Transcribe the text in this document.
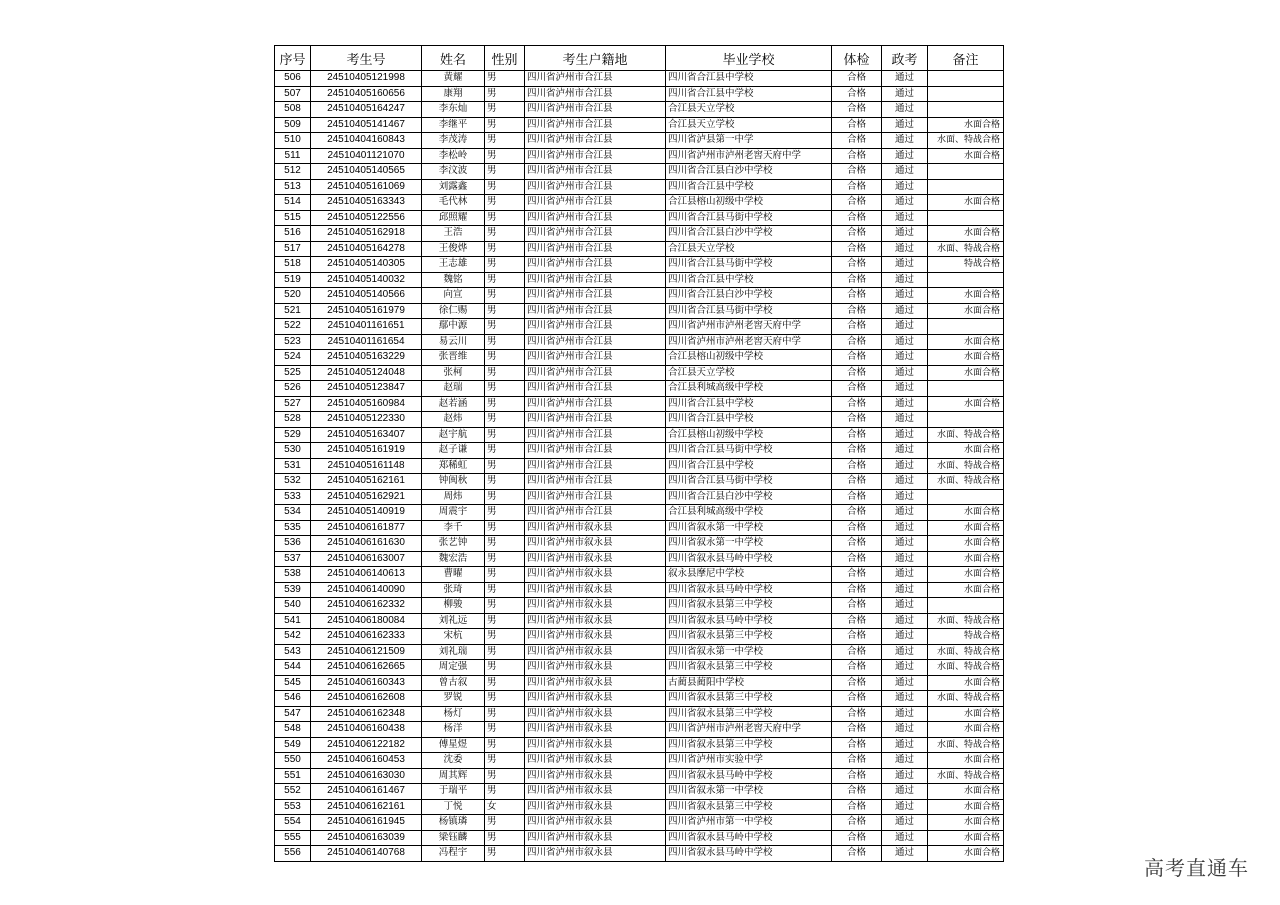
序号	考生号	姓名	性别	考生户籍地	毕业学校	体检	政考	备注
506	24510405121998	黄耀	男	四川省泸州市合江县	四川省合江县中学校	合格	通过	
507	24510405160656	康翔	男	四川省泸州市合江县	四川省合江县中学校	合格	通过	
508	24510405164247	李东灿	男	四川省泸州市合江县	合江县天立学校	合格	通过	
509	24510405141467	李继平	男	四川省泸州市合江县	合江县天立学校	合格	通过	水面合格
510	24510404160843	李茂涛	男	四川省泸州市合江县	四川省泸县第一中学	合格	通过	水面、特战合格
511	24510401121070	李松岭	男	四川省泸州市合江县	四川省泸州市泸州老窖天府中学	合格	通过	水面合格
512	24510405140565	李汶波	男	四川省泸州市合江县	四川省合江县白沙中学校	合格	通过	
513	24510405161069	刘露鑫	男	四川省泸州市合江县	四川省合江县中学校	合格	通过	
514	24510405163343	毛代林	男	四川省泸州市合江县	合江县榕山初级中学校	合格	通过	水面合格
515	24510405122556	邱照耀	男	四川省泸州市合江县	四川省合江县马街中学校	合格	通过	
516	24510405162918	王浩	男	四川省泸州市合江县	四川省合江县白沙中学校	合格	通过	水面合格
517	24510405164278	王俊烨	男	四川省泸州市合江县	合江县天立学校	合格	通过	水面、特战合格
518	24510405140305	王志雄	男	四川省泸州市合江县	四川省合江县马街中学校	合格	通过	特战合格
519	24510405140032	魏铭	男	四川省泸州市合江县	四川省合江县中学校	合格	通过	
520	24510405140566	向宣	男	四川省泸州市合江县	四川省合江县白沙中学校	合格	通过	水面合格
521	24510405161979	徐仁赐	男	四川省泸州市合江县	四川省合江县马街中学校	合格	通过	水面合格
522	24510401161651	鄢中源	男	四川省泸州市合江县	四川省泸州市泸州老窖天府中学	合格	通过	
523	24510401161654	易云川	男	四川省泸州市合江县	四川省泸州市泸州老窖天府中学	合格	通过	水面合格
524	24510405163229	张晋维	男	四川省泸州市合江县	合江县榕山初级中学校	合格	通过	水面合格
525	24510405124048	张柯	男	四川省泸州市合江县	合江县天立学校	合格	通过	水面合格
526	24510405123847	赵瑞	男	四川省泸州市合江县	合江县利城高级中学校	合格	通过	
527	24510405160984	赵若涵	男	四川省泸州市合江县	四川省合江县中学校	合格	通过	水面合格
528	24510405122330	赵炜	男	四川省泸州市合江县	四川省合江县中学校	合格	通过	
529	24510405163407	赵宇航	男	四川省泸州市合江县	合江县榕山初级中学校	合格	通过	水面、特战合格
530	24510405161919	赵子谦	男	四川省泸州市合江县	四川省合江县马街中学校	合格	通过	水面合格
531	24510405161148	郑稀虹	男	四川省泸州市合江县	四川省合江县中学校	合格	通过	水面、特战合格
532	24510405162161	钟闽秋	男	四川省泸州市合江县	四川省合江县马街中学校	合格	通过	水面、特战合格
533	24510405162921	周炜	男	四川省泸州市合江县	四川省合江县白沙中学校	合格	通过	
534	24510405140919	周震宇	男	四川省泸州市合江县	合江县利城高级中学校	合格	通过	水面合格
535	24510406161877	李千	男	四川省泸州市叙永县	四川省叙永第一中学校	合格	通过	水面合格
536	24510406161630	张艺钟	男	四川省泸州市叙永县	四川省叙永第一中学校	合格	通过	水面合格
537	24510406163007	魏宏浩	男	四川省泸州市叙永县	四川省叙永县马岭中学校	合格	通过	水面合格
538	24510406140613	曹曜	男	四川省泸州市叙永县	叙永县摩尼中学校	合格	通过	水面合格
539	24510406140090	张琦	男	四川省泸州市叙永县	四川省叙永县马岭中学校	合格	通过	水面合格
540	24510406162332	柳骏	男	四川省泸州市叙永县	四川省叙永县第三中学校	合格	通过	
541	24510406180084	刘礼远	男	四川省泸州市叙永县	四川省叙永县马岭中学校	合格	通过	水面、特战合格
542	24510406162333	宋杭	男	四川省泸州市叙永县	四川省叙永县第三中学校	合格	通过	特战合格
543	24510406121509	刘礼瑞	男	四川省泸州市叙永县	四川省叙永第一中学校	合格	通过	水面、特战合格
544	24510406162665	周定强	男	四川省泸州市叙永县	四川省叙永县第三中学校	合格	通过	水面、特战合格
545	24510406160343	曾古叙	男	四川省泸州市叙永县	古蔺县蔺阳中学校	合格	通过	水面合格
546	24510406162608	罗锐	男	四川省泸州市叙永县	四川省叙永县第三中学校	合格	通过	水面、特战合格
547	24510406162348	杨灯	男	四川省泸州市叙永县	四川省叙永县第三中学校	合格	通过	水面合格
548	24510406160438	杨洋	男	四川省泸州市叙永县	四川省泸州市泸州老窖天府中学	合格	通过	水面合格
549	24510406122182	傅星煜	男	四川省泸州市叙永县	四川省叙永县第三中学校	合格	通过	水面、特战合格
550	24510406160453	沈委	男	四川省泸州市叙永县	四川省泸州市实验中学	合格	通过	水面合格
551	24510406163030	周其辉	男	四川省泸州市叙永县	四川省叙永县马岭中学校	合格	通过	水面、特战合格
552	24510406161467	于瑞平	男	四川省泸州市叙永县	四川省叙永第一中学校	合格	通过	水面合格
553	24510406162161	丁悦	女	四川省泸州市叙永县	四川省叙永县第三中学校	合格	通过	水面合格
554	24510406161945	杨镇璘	男	四川省泸州市叙永县	四川省泸州市第一中学校	合格	通过	水面合格
555	24510406163039	梁钰麟	男	四川省泸州市叙永县	四川省叙永县马岭中学校	合格	通过	水面合格
556	24510406140768	冯程宇	男	四川省泸州市叙永县	四川省叙永县马岭中学校	合格	通过	水面合格
高考直通车
